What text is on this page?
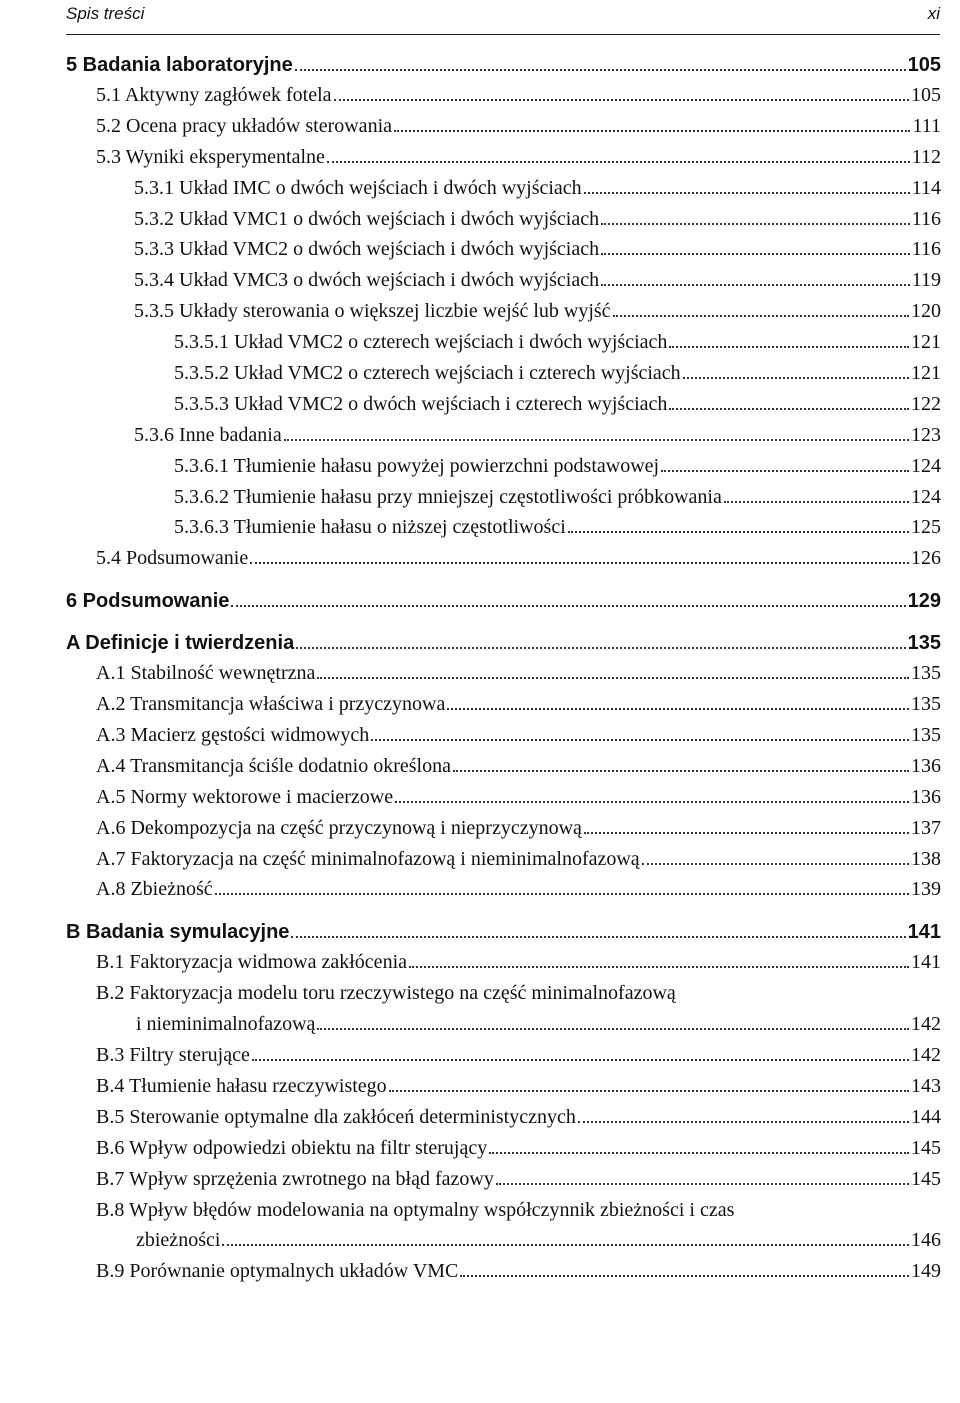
Spis treści	xi
5 Badania laboratoryjne	105
5.1 Aktywny zagłówek fotela	105
5.2 Ocena pracy układów sterowania	111
5.3 Wyniki eksperymentalne	112
5.3.1 Układ IMC o dwóch wejściach i dwóch wyjściach	114
5.3.2 Układ VMC1 o dwóch wejściach i dwóch wyjściach	116
5.3.3 Układ VMC2 o dwóch wejściach i dwóch wyjściach	116
5.3.4 Układ VMC3 o dwóch wejściach i dwóch wyjściach	119
5.3.5 Układy sterowania o większej liczbie wejść lub wyjść	120
5.3.5.1 Układ VMC2 o czterech wejściach i dwóch wyjściach	121
5.3.5.2 Układ VMC2 o czterech wejściach i czterech wyjściach	121
5.3.5.3 Układ VMC2 o dwóch wejściach i czterech wyjściach	122
5.3.6 Inne badania	123
5.3.6.1 Tłumienie hałasu powyżej powierzchni podstawowej	124
5.3.6.2 Tłumienie hałasu przy mniejszej częstotliwości próbkowania	124
5.3.6.3 Tłumienie hałasu o niższej częstotliwości	125
5.4 Podsumowanie	126
6 Podsumowanie	129
A Definicje i twierdzenia	135
A.1 Stabilność wewnętrzna	135
A.2 Transmitancja właściwa i przyczynowa	135
A.3 Macierz gęstości widmowych	135
A.4 Transmitancja ściśle dodatnio określona	136
A.5 Normy wektorowe i macierzowe	136
A.6 Dekompozycja na część przyczynową i nieprzyczynową	137
A.7 Faktoryzacja na część minimalnofazową i nieminimalnofazową	138
A.8 Zbieżność	139
B Badania symulacyjne	141
B.1 Faktoryzacja widmowa zakłócenia	141
B.2 Faktoryzacja modelu toru rzeczywistego na część minimalnofazową
i nieminimalnofazową	142
B.3 Filtry sterujące	142
B.4 Tłumienie hałasu rzeczywistego	143
B.5 Sterowanie optymalne dla zakłóceń deterministycznych	144
B.6 Wpływ odpowiedzi obiektu na filtr sterujący	145
B.7 Wpływ sprzężenia zwrotnego na błąd fazowy	145
B.8 Wpływ błędów modelowania na optymalny współczynnik zbieżności i czas
zbieżności	146
B.9 Porównanie optymalnych układów VMC	149
